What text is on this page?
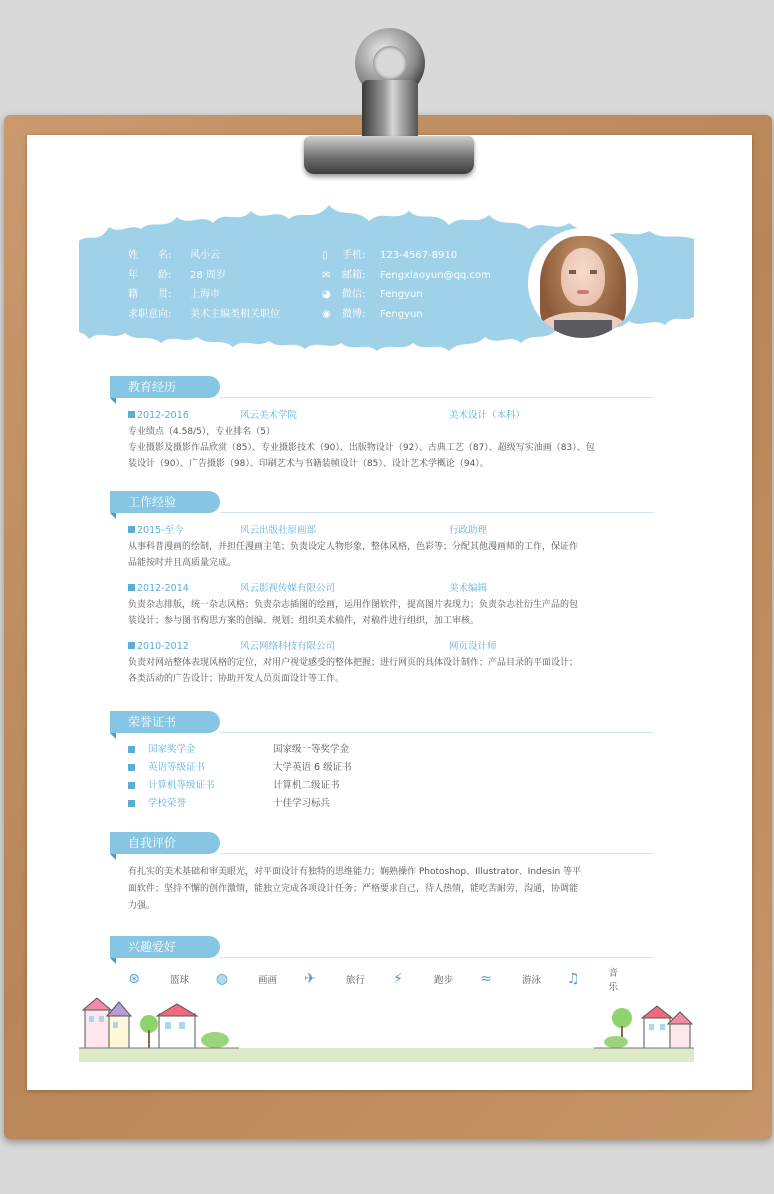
姓　　名:	风小云
年　　龄:	28 周岁
籍　　贯:	上海市
求职意向:	美术主编类相关职位
▯	手机:	123-4567-8910
✉	邮箱:	Fengxiaoyun@qq.com
◕	微信:	Fengyun
◉	微博:	Fengyun
教育经历
2012-2016	风云美术学院	美术设计（本科）
专业绩点（4.58/5），专业排名（5）
专业摄影及摄影作品欣赏（85）、专业摄影技术（90）、出版物设计（92）、古典工艺（87）、超级写实油画（83）、包
装设计（90）、广告摄影（98）、印刷艺术与书籍装帧设计（85）、设计艺术学概论（94）。
工作经验
2015-至今	风云出版社原画部	行政助理
从事科普漫画的绘制，并担任漫画主笔；负责设定人物形象，整体风格，色彩等；分配其他漫画师的工作，保证作
品能按时并且高质量完成。
2012-2014	风云影视传媒有限公司	美术编辑
负责杂志排版，统一杂志风格；负责杂志插图的绘画，运用作图软件，提高图片表现力；负责杂志社衍生产品的包
装设计；参与图书构思方案的创编、规划；组织美术稿件，对稿件进行组织，加工审核。
2010-2012	风云网络科技有限公司	网页设计师
负责对网站整体表现风格的定位，对用户视觉感受的整体把握；进行网页的具体设计制作；产品目录的平面设计；
各类活动的广告设计；协助开发人员页面设计等工作。
荣誉证书
国家奖学金	国家级一等奖学金
英语等级证书	大学英语 6 级证书
计算机等级证书	计算机二级证书
学校荣誉	十佳学习标兵
自我评价
有扎实的美术基础和审美眼光，对平面设计有独特的思维能力；娴熟操作 Photoshop、Illustrator、Indesin 等平
面软件；坚持不懈的创作激情，能独立完成各项设计任务；严格要求自己，待人热情，能吃苦耐劳，沟通，协调能
力强。
兴趣爱好
⊛	篮球 ◍	画画 ✈	旅行 ⚡	跑步 ≈	游泳 ♫	音乐
